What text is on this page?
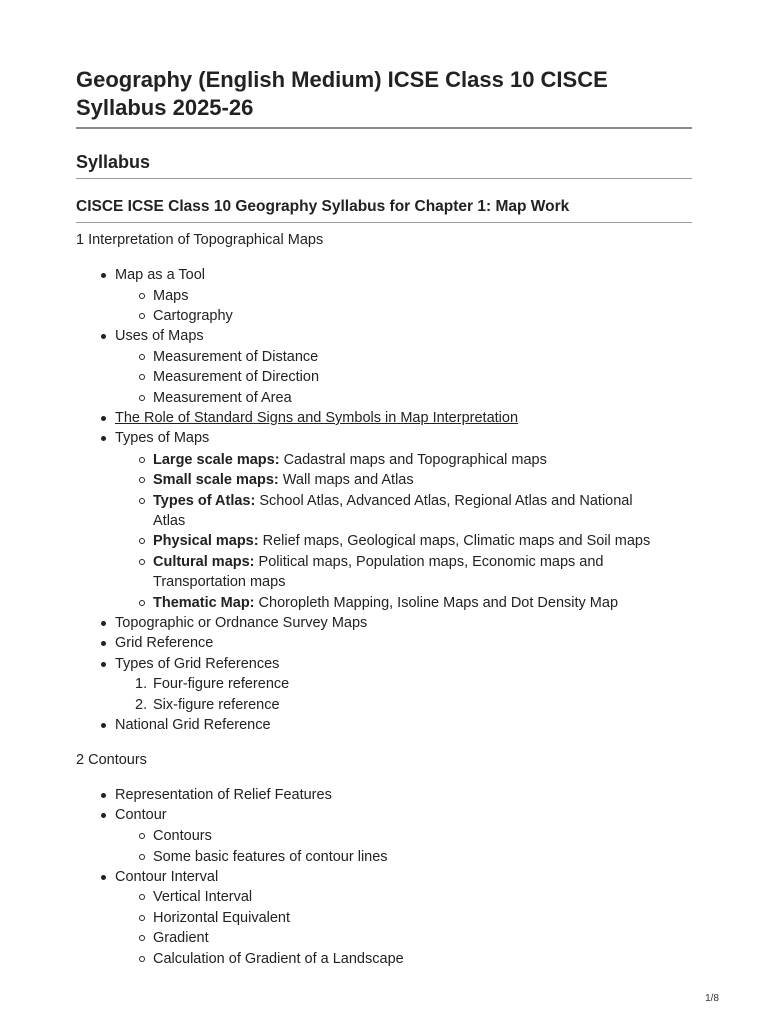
Geography (English Medium) ICSE Class 10 CISCE Syllabus 2025-26
Syllabus
CISCE ICSE Class 10 Geography Syllabus for Chapter 1: Map Work
1 Interpretation of Topographical Maps
Map as a Tool
Maps
Cartography
Uses of Maps
Measurement of Distance
Measurement of Direction
Measurement of Area
The Role of Standard Signs and Symbols in Map Interpretation
Types of Maps
Large scale maps: Cadastral maps and Topographical maps
Small scale maps: Wall maps and Atlas
Types of Atlas: School Atlas, Advanced Atlas, Regional Atlas and National
Atlas
Physical maps: Relief maps, Geological maps, Climatic maps and Soil maps
Cultural maps: Political maps, Population maps, Economic maps and
Transportation maps
Thematic Map: Choropleth Mapping, Isoline Maps and Dot Density Map
Topographic or Ordnance Survey Maps
Grid Reference
Types of Grid References
1. Four-figure reference
2. Six-figure reference
National Grid Reference
2 Contours
Representation of Relief Features
Contour
Contours
Some basic features of contour lines
Contour Interval
Vertical Interval
Horizontal Equivalent
Gradient
Calculation of Gradient of a Landscape
1/8
